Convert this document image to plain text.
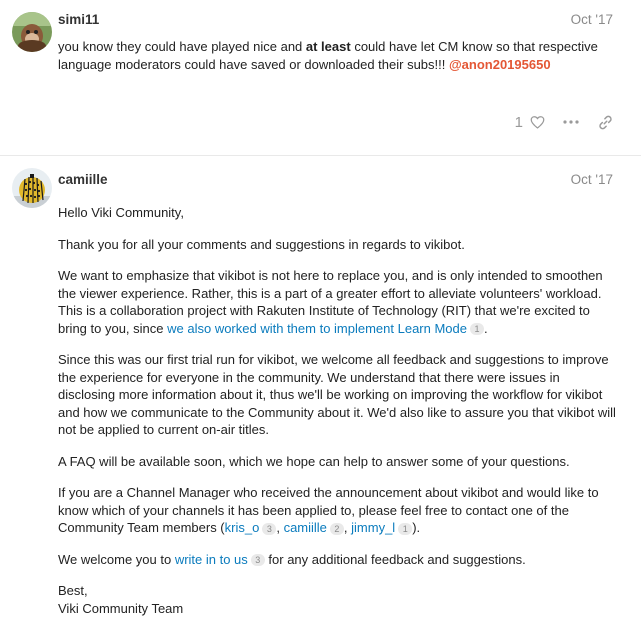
simi11	Oct '17

you know they could have played nice and at least could have let CM know so that respective language moderators could have saved or downloaded their subs!!! @anon20195650

1
camiille	Oct '17

Hello Viki Community,

Thank you for all your comments and suggestions in regards to vikibot.

We want to emphasize that vikibot is not here to replace you, and is only intended to smoothen the viewer experience. Rather, this is a part of a greater effort to alleviate volunteers' workload. This is a collaboration project with Rakuten Institute of Technology (RIT) that we're excited to bring to you, since we also worked with them to implement Learn Mode 1 .

Since this was our first trial run for vikibot, we welcome all feedback and suggestions to improve the experience for everyone in the community. We understand that there were issues in disclosing more information about it, thus we'll be working on improving the workflow for vikibot and how we communicate to the Community about it. We'd also like to assure you that vikibot will not be applied to current on-air titles.

A FAQ will be available soon, which we hope can help to answer some of your questions.

If you are a Channel Manager who received the announcement about vikibot and would like to know which of your channels it has been applied to, please feel free to contact one of the Community Team members (kris_o 3 , camiille 2 , jimmy_l 1 ).

We welcome you to write in to us 3 for any additional feedback and suggestions.

Best,
Viki Community Team
